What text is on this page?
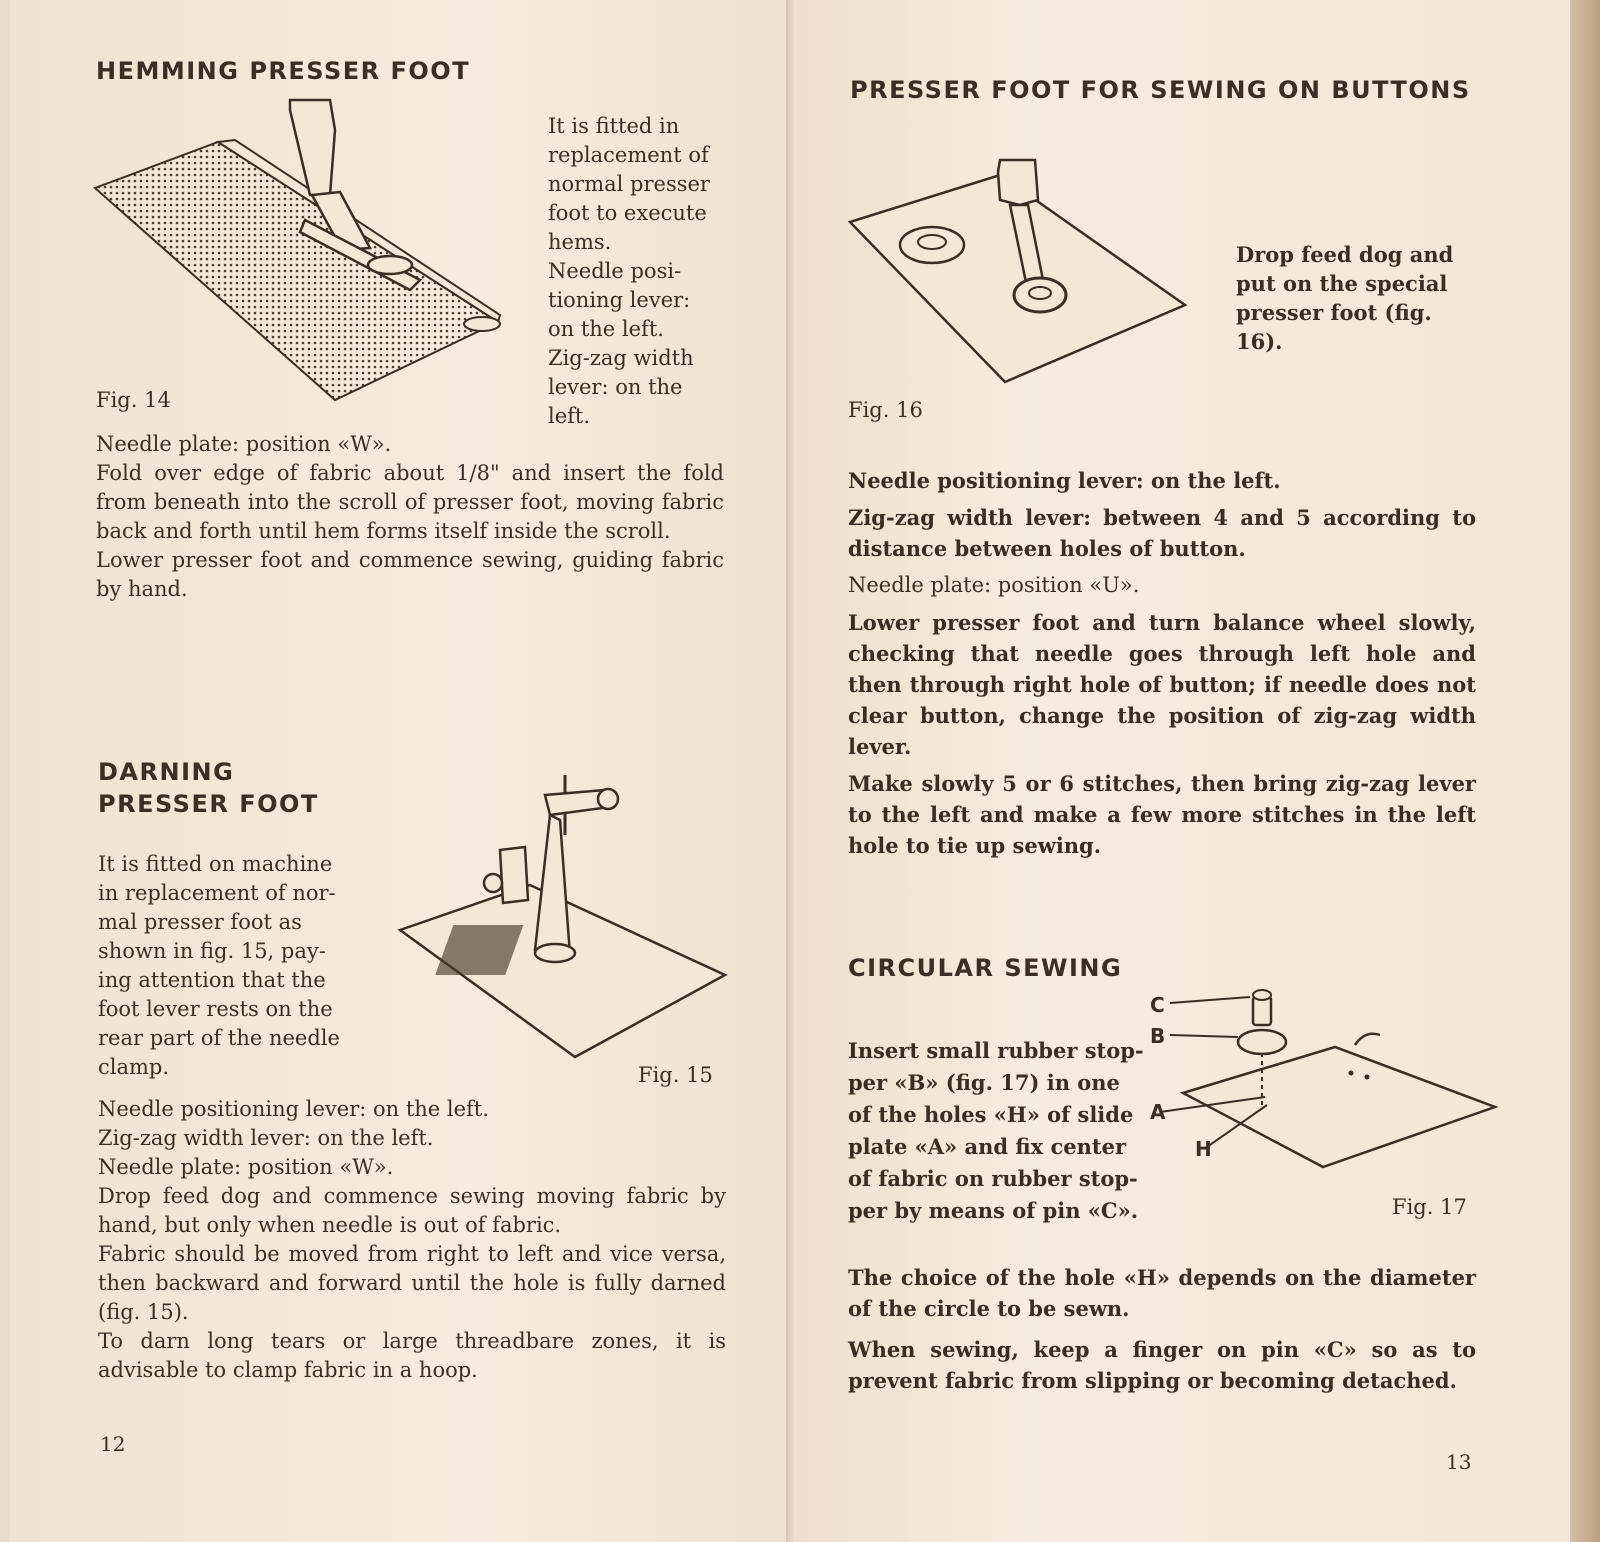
HEMMING PRESSER FOOT

It is fitted in

replacement of

normal presser

foot to execute

hems.

Needle posi-

tioning lever:

on the left.

Zig-zag width

lever: on the

left.

Fig. 14

Needle plate: position «W».

Fold over edge of fabric about 1/8" and insert the fold from beneath into the scroll of presser foot, moving fabric back and forth until hem forms itself inside the scroll.

Lower presser foot and commence sewing, guiding fabric by hand.

DARNING
PRESSER FOOT

It is fitted on machine

in replacement of nor-

mal presser foot as

shown in fig. 15, pay-

ing attention that the

foot lever rests on the

rear part of the needle

clamp.	Fig. 15

Needle positioning lever: on the left.

Zig-zag width lever: on the left.

Needle plate: position «W».

Drop feed dog and commence sewing moving fabric by hand, but only when needle is out of fabric.

Fabric should be moved from right to left and vice versa, then backward and forward until the hole is fully darned (fig. 15).

To darn long tears or large threadbare zones, it is advisable to clamp fabric in a hoop.

12
PRESSER FOOT FOR SEWING ON BUTTONS

Drop feed dog and

put on the special

presser foot (fig.

16).

Fig. 16

Needle positioning lever: on the left.

Zig-zag width lever: between 4 and 5 according to distance between holes of button.

Needle plate: position «U».

Lower presser foot and turn balance wheel slowly, checking that needle goes through left hole and then through right hole of button; if needle does not clear button, change the position of zig-zag width lever.

Make slowly 5 or 6 stitches, then bring zig-zag lever to the left and make a few more stitches in the left hole to tie up sewing.

CIRCULAR SEWING

Insert small rubber stop-

per «B» (fig. 17) in one

of the holes «H» of slide

plate «A» and fix center

of fabric on rubber stop-

per by means of pin «C».

C
B
A
H
Fig. 17

The choice of the hole «H» depends on the diameter of the circle to be sewn.

When sewing, keep a finger on pin «C» so as to prevent fabric from slipping or becoming detached.

13
